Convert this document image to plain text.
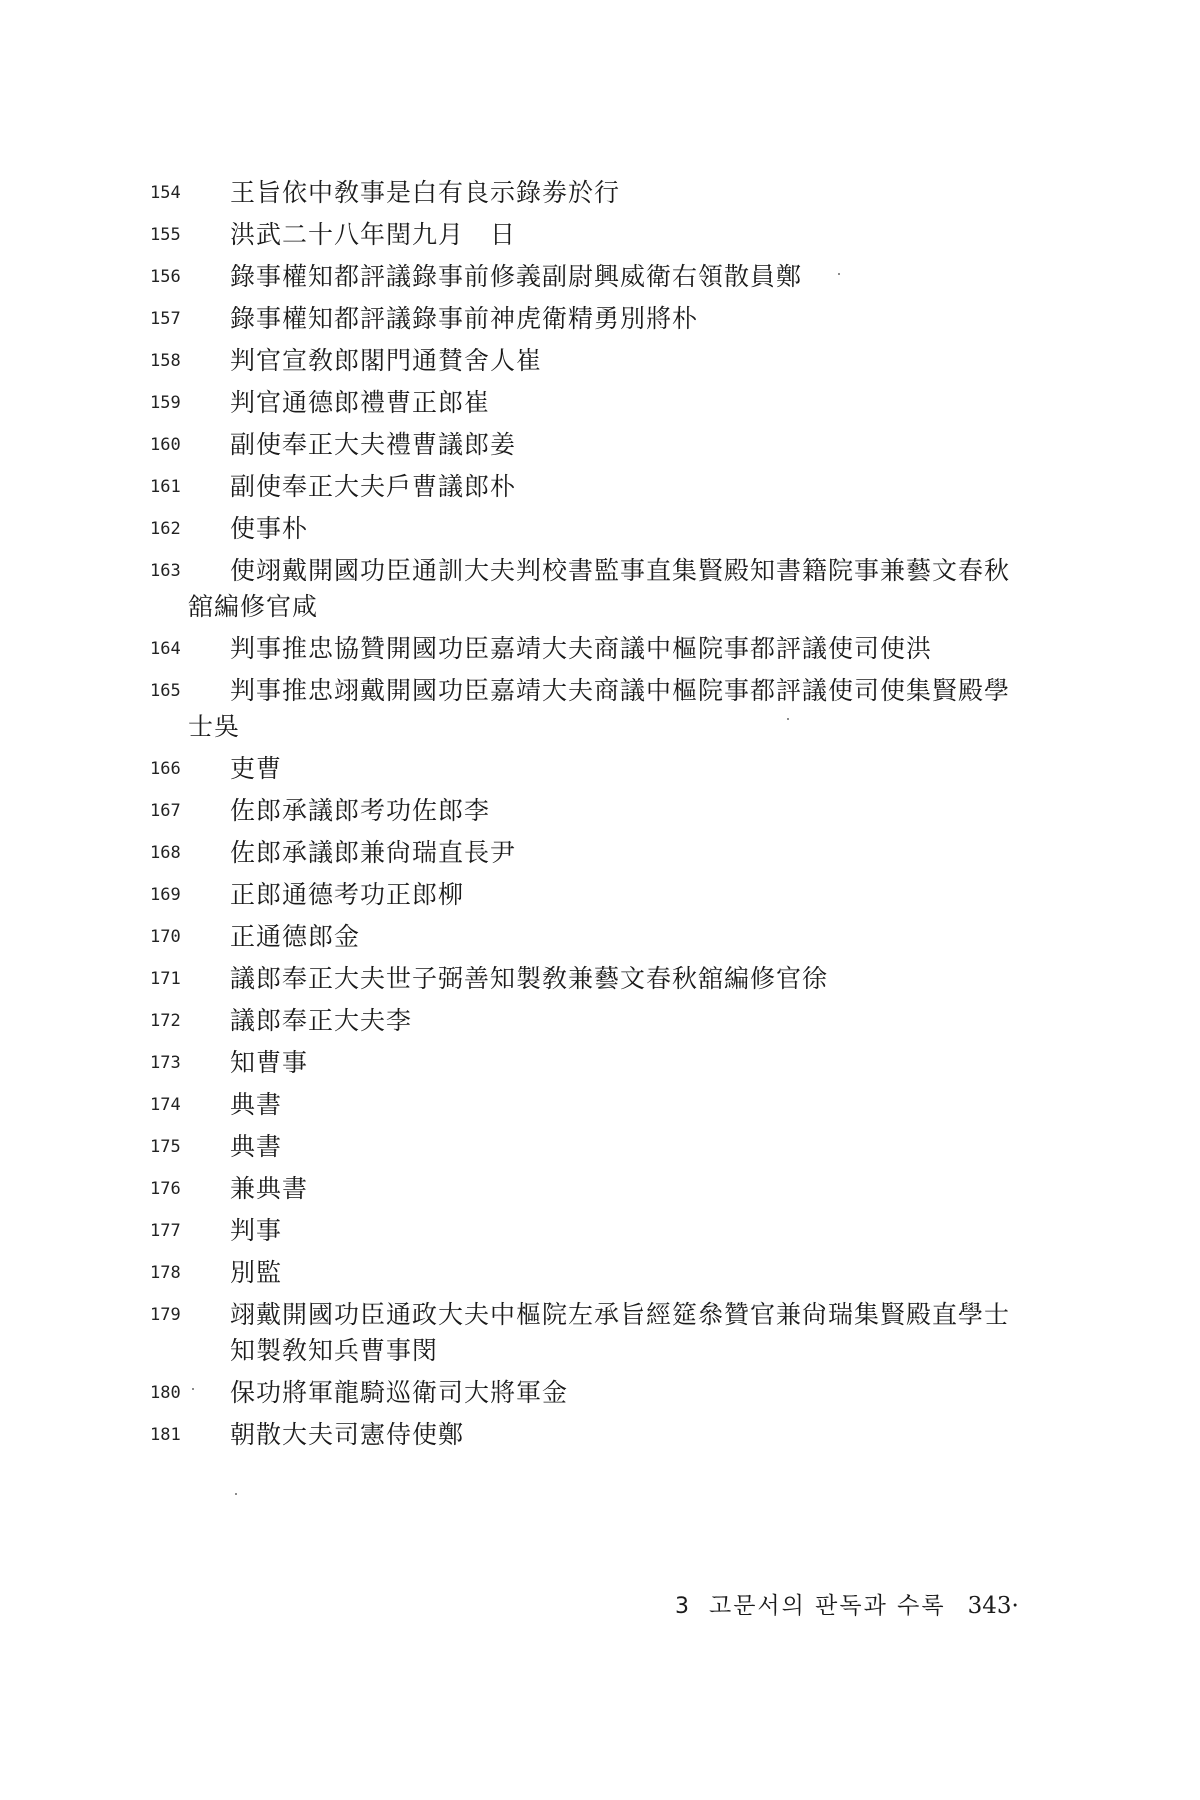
154	王旨依中敎事是白有良示錄劵於行
155	洪武二十八年閏九月　日
156	錄事權知都評議錄事前修義副尉興威衛右領散員鄭
157	錄事權知都評議錄事前神虎衛精勇別將朴
158	判官宣敎郎閣門通賛舍人崔
159	判官通德郎禮曹正郎崔
160	副使奉正大夫禮曹議郎姜
161	副使奉正大夫戶曹議郎朴
162	使事朴
163	使翊戴開國功臣通訓大夫判校書監事直集賢殿知書籍院事兼藝文春秋
舘編修官咸
164	判事推忠協贊開國功臣嘉靖大夫商議中樞院事都評議使司使洪
165	判事推忠翊戴開國功臣嘉靖大夫商議中樞院事都評議使司使集賢殿學
士吳
166	吏曹
167	佐郎承議郎考功佐郎李
168	佐郎承議郎兼尙瑞直長尹
169	正郎通德考功正郎柳
170	正通德郎金
171	議郎奉正大夫世子弼善知製敎兼藝文春秋舘編修官徐
172	議郎奉正大夫李
173	知曹事
174	典書
175	典書
176	兼典書
177	判事
178	別監
179	翊戴開國功臣通政大夫中樞院左承旨經筵叅贊官兼尙瑞集賢殿直學士
知製敎知兵曹事閔
180	保功將軍龍騎巡衛司大將軍金
181	朝散大夫司憲侍使鄭
3 고문서의 판독과 수록 343·
